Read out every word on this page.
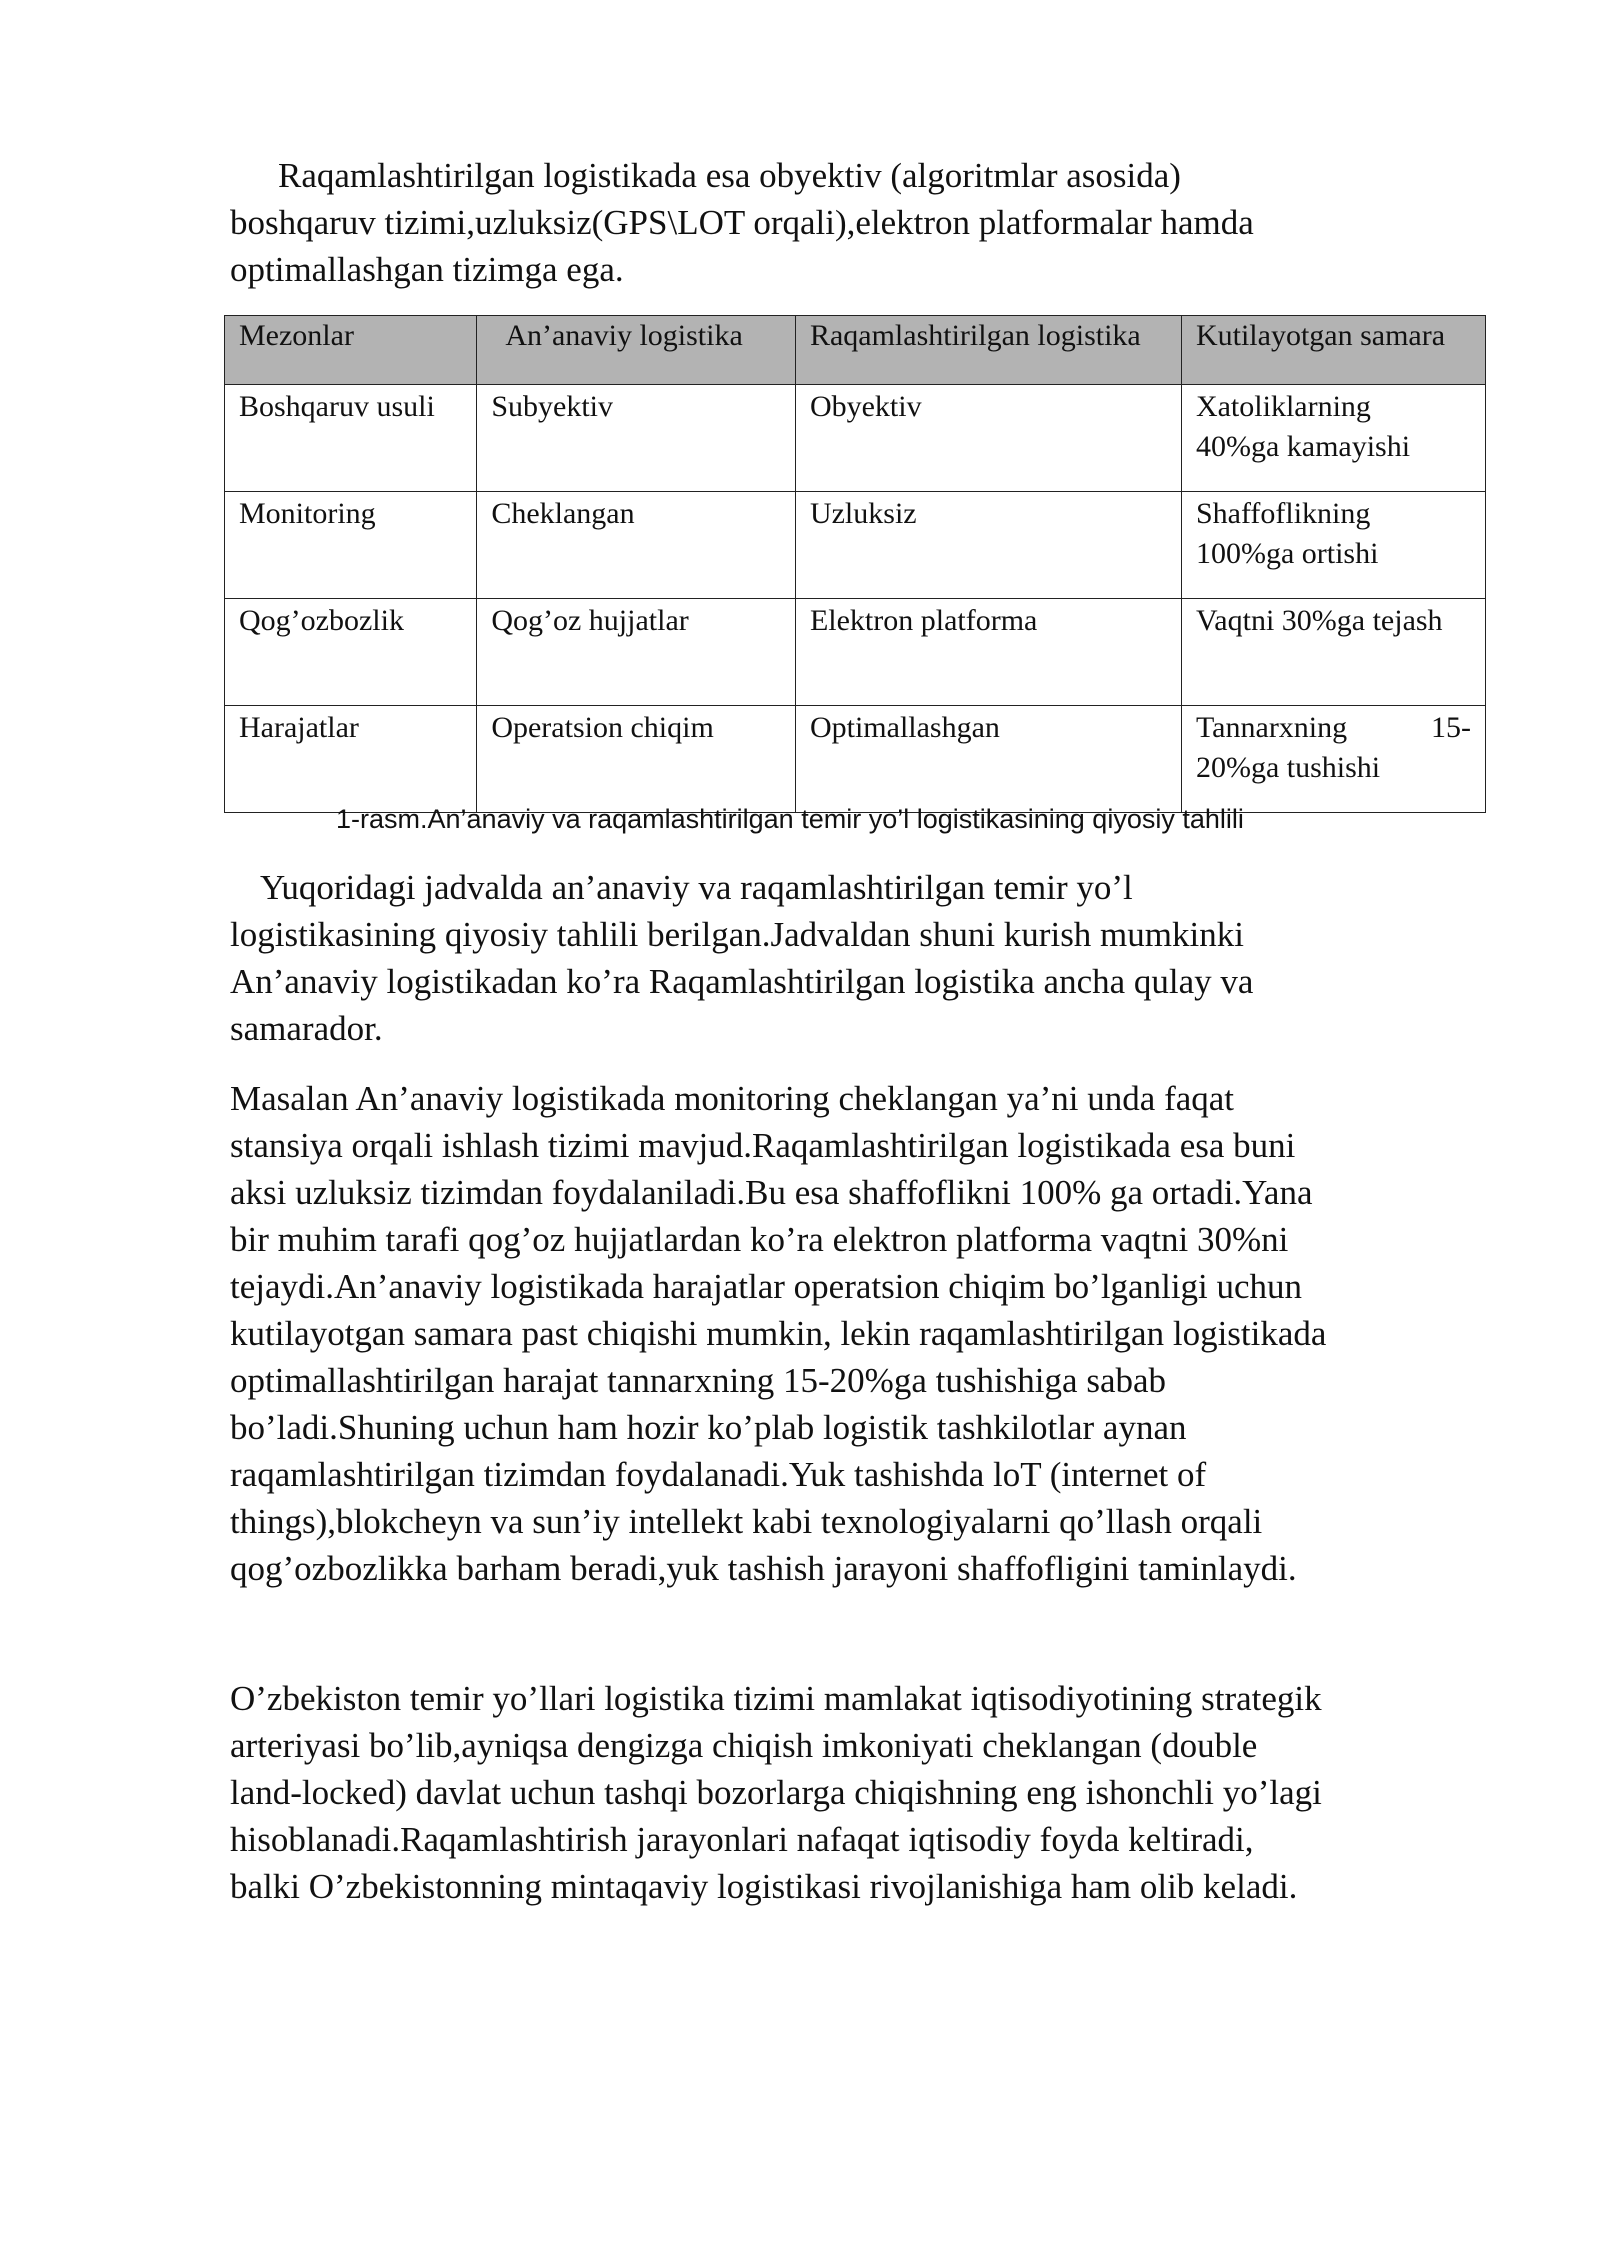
Raqamlashtirilgan logistikada esa obyektiv (algoritmlar asosida)
boshqaruv tizimi,uzluksiz(GPS\LOT orqali),elektron platformalar hamda
optimallashgan tizimga ega.

Mezonlar	An’anaviy logistika	Raqamlashtirilgan logistika	Kutilayotgan samara
Boshqaruv usuli	Subyektiv	Obyektiv	Xatoliklarning
40%ga kamayishi

Monitoring	Cheklangan	Uzluksiz	Shaffoflikning
100%ga ortishi

Qog’ozbozlik	Qog’oz hujjatlar	Elektron platforma	Vaqtni 30%ga tejash

Harajatlar	Operatsion chiqim	Optimallashgan	Tannarxning 15-
20%ga tushishi
1-rasm.An’anaviy va raqamlashtirilgan temir yo’l logistikasining qiyosiy tahlili

Yuqoridagi jadvalda an’anaviy va raqamlashtirilgan temir yo’l
logistikasining qiyosiy tahlili berilgan.Jadvaldan shuni kurish mumkinki
An’anaviy logistikadan ko’ra Raqamlashtirilgan logistika ancha qulay va
samarador.

Masalan An’anaviy logistikada monitoring cheklangan ya’ni unda faqat
stansiya orqali ishlash tizimi mavjud.Raqamlashtirilgan logistikada esa buni
aksi uzluksiz tizimdan foydalaniladi.Bu esa shaffoflikni 100% ga ortadi.Yana
bir muhim tarafi qog’oz hujjatlardan ko’ra elektron platforma vaqtni 30%ni
tejaydi.An’anaviy logistikada harajatlar operatsion chiqim bo’lganligi uchun
kutilayotgan samara past chiqishi mumkin, lekin raqamlashtirilgan logistikada
optimallashtirilgan harajat tannarxning 15-20%ga tushishiga sabab
bo’ladi.Shuning uchun ham hozir ko’plab logistik tashkilotlar aynan
raqamlashtirilgan tizimdan foydalanadi.Yuk tashishda loT (internet of
things),blokcheyn va sun’iy intellekt kabi texnologiyalarni qo’llash orqali
qog’ozbozlikka barham beradi,yuk tashish jarayoni shaffofligini taminlaydi.

O’zbekiston temir yo’llari logistika tizimi mamlakat iqtisodiyotining strategik
arteriyasi bo’lib,ayniqsa dengizga chiqish imkoniyati cheklangan (double
land-locked) davlat uchun tashqi bozorlarga chiqishning eng ishonchli yo’lagi
hisoblanadi.Raqamlashtirish jarayonlari nafaqat iqtisodiy foyda keltiradi,
balki O’zbekistonning mintaqaviy logistikasi rivojlanishiga ham olib keladi.
